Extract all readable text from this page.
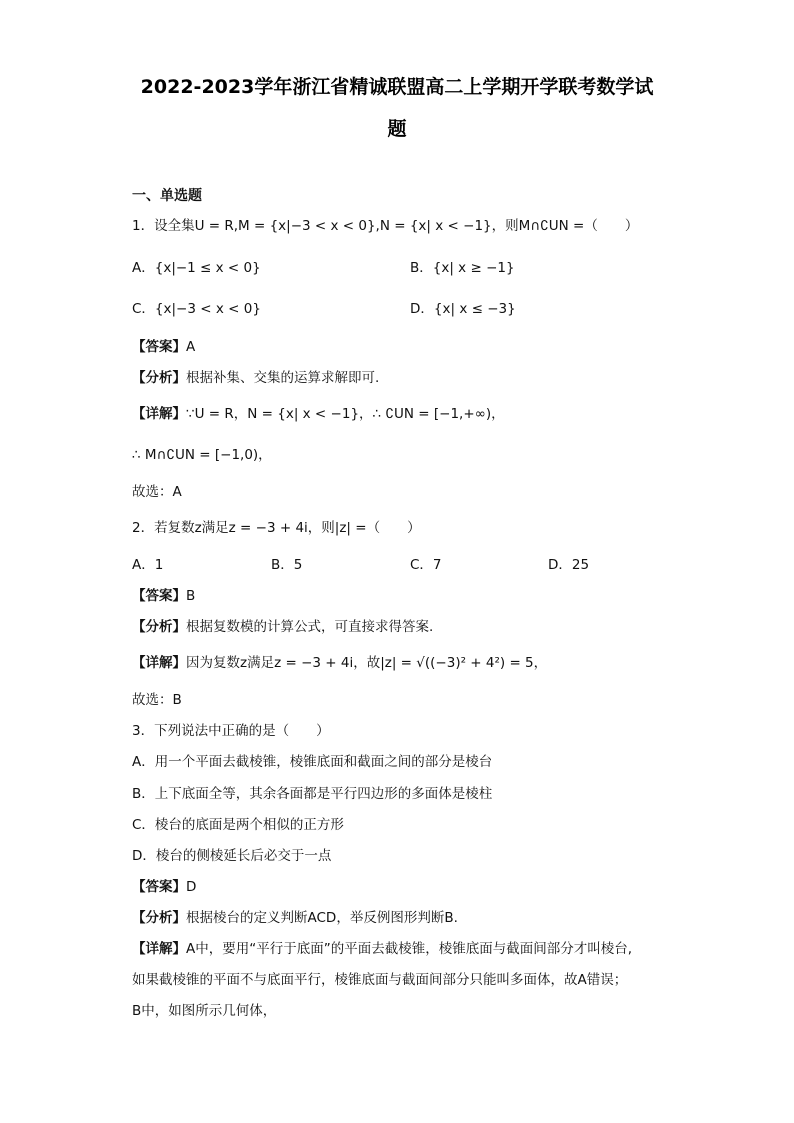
2022-2023学年浙江省精诚联盟高二上学期开学联考数学试
题
一、单选题
1．设全集U = R,M = {x|−3 < x < 0},N = {x| x < −1}，则M∩∁UN =（　　）
A．{x|−1 ≤ x < 0}	B．{x| x ≥ −1}
C．{x|−3 < x < 0}	D．{x| x ≤ −3}
【答案】A
【分析】根据补集、交集的运算求解即可.
【详解】∵U = R，N = {x| x < −1}，∴ ∁UN = [−1,+∞)，
∴ M∩∁UN = [−1,0)，
故选：A
2．若复数z满足z = −3 + 4i，则|z| =（　　）
A．1	B．5	C．7	D．25
【答案】B
【分析】根据复数模的计算公式，可直接求得答案.
【详解】因为复数z满足z = −3 + 4i，故|z| = √((−3)² + 4²) = 5，
故选：B
3．下列说法中正确的是（　　）
A．用一个平面去截棱锥，棱锥底面和截面之间的部分是棱台
B．上下底面全等，其余各面都是平行四边形的多面体是棱柱
C．棱台的底面是两个相似的正方形
D．棱台的侧棱延长后必交于一点
【答案】D
【分析】根据棱台的定义判断ACD，举反例图形判断B.
【详解】A中，要用“平行于底面”的平面去截棱锥，棱锥底面与截面间部分才叫棱台,
如果截棱锥的平面不与底面平行，棱锥底面与截面间部分只能叫多面体，故A错误；
B中，如图所示几何体，
